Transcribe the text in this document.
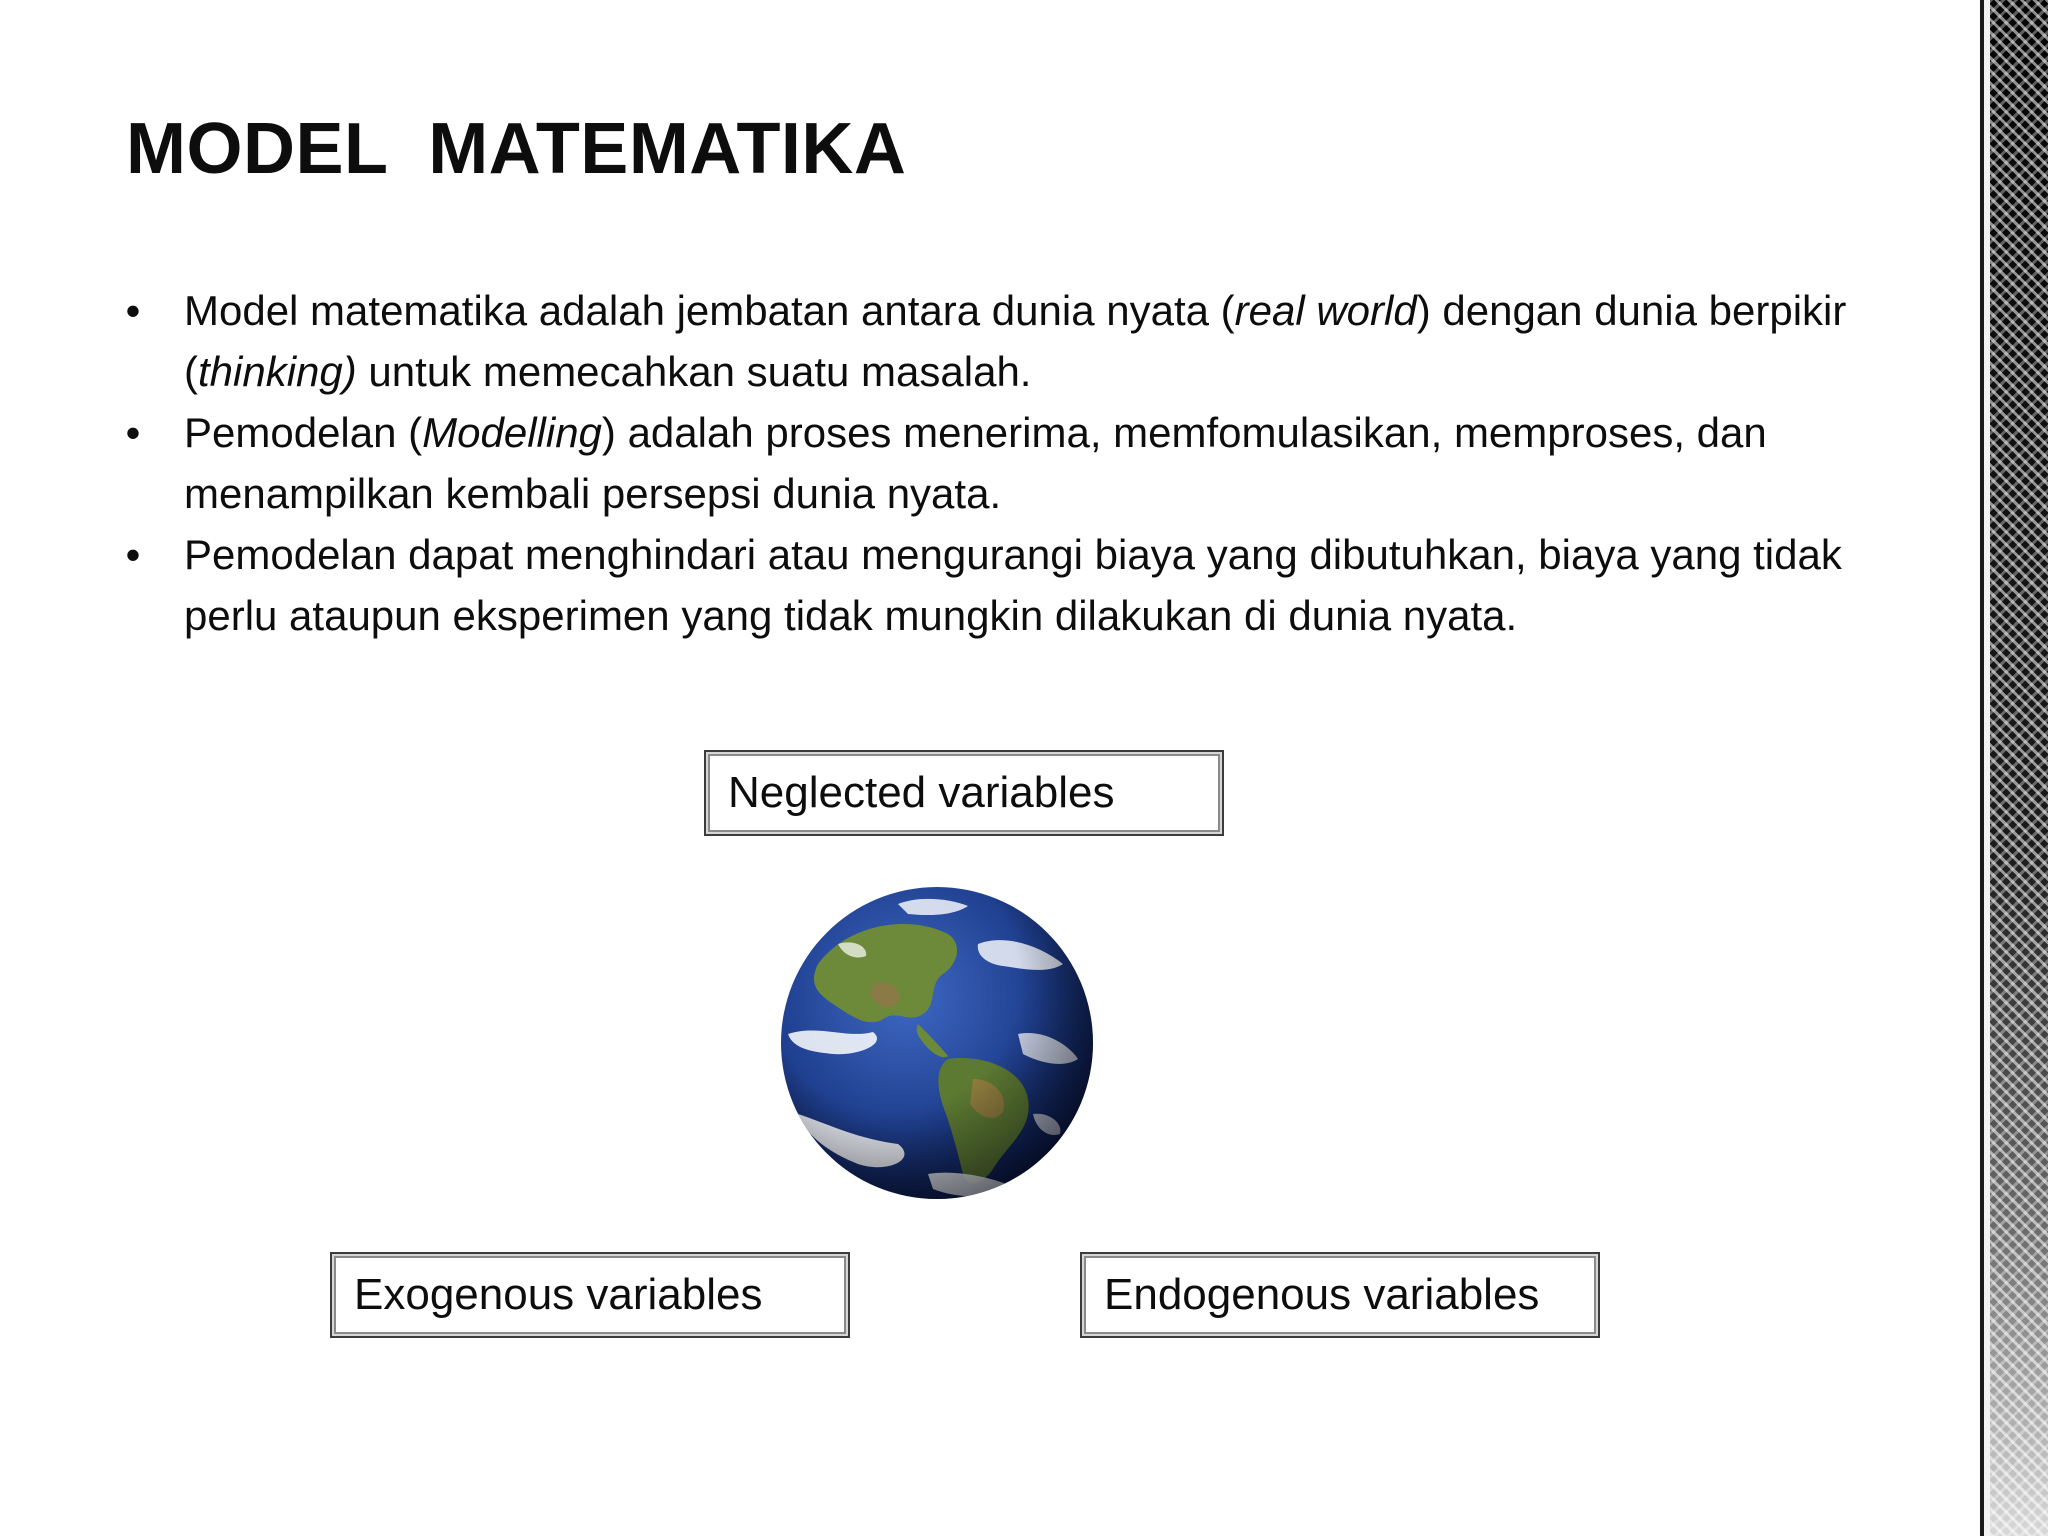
MODEL  MATEMATIKA
• Model matematika adalah jembatan antara dunia nyata (real world) dengan dunia berpikir (thinking) untuk memecahkan suatu masalah.
• Pemodelan (Modelling) adalah proses menerima, memfomulasikan, memproses, dan menampilkan kembali persepsi dunia nyata.
• Pemodelan dapat menghindari atau mengurangi biaya yang dibutuhkan, biaya yang tidak perlu ataupun eksperimen yang tidak mungkin dilakukan di dunia nyata.
Neglected variables
Exogenous variables	Endogenous variables
